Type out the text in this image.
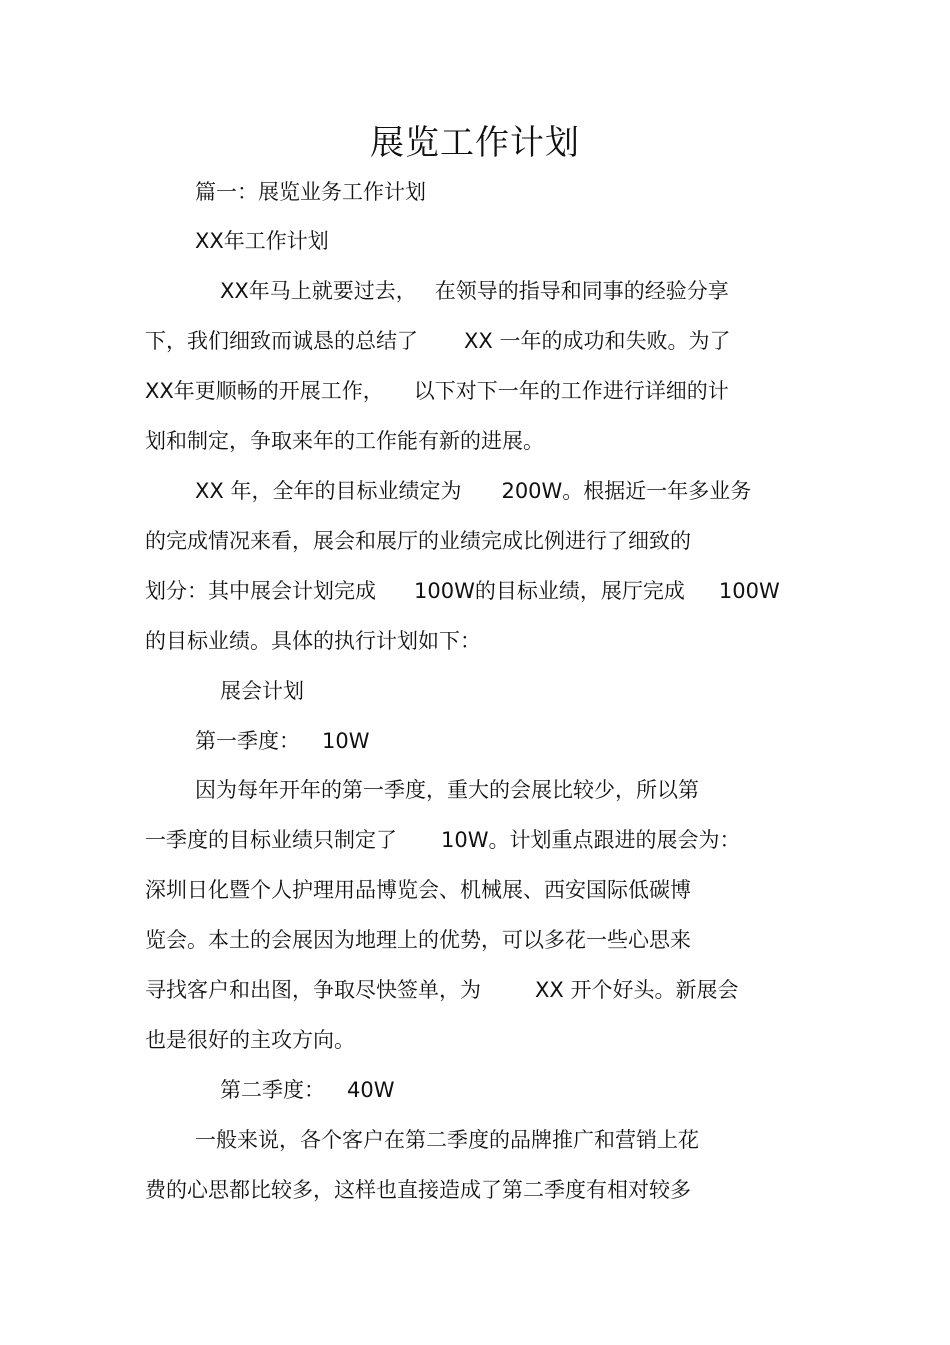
展览工作计划
篇一：展览业务工作计划
XX年工作计划
XX年马上就要过去， 在领导的指导和同事的经验分享
下，我们细致而诚恳的总结了 XX 一年的成功和失败。为了
XX年更顺畅的开展工作， 以下对下一年的工作进行详细的计
划和制定，争取来年的工作能有新的进展。
XX 年，全年的目标业绩定为 200W。根据近一年多业务
的完成情况来看，展会和展厅的业绩完成比例进行了细致的
划分：其中展会计划完成 100W的目标业绩，展厅完成 100W
的目标业绩。具体的执行计划如下：
展会计划
第一季度： 10W
因为每年开年的第一季度，重大的会展比较少，所以第
一季度的目标业绩只制定了 10W。计划重点跟进的展会为：
深圳日化暨个人护理用品博览会、机械展、西安国际低碳博
览会。本土的会展因为地理上的优势，可以多花一些心思来
寻找客户和出图，争取尽快签单，为	XX 开个好头。新展会
也是很好的主攻方向。
第二季度： 40W
一般来说，各个客户在第二季度的品牌推广和营销上花
费的心思都比较多，这样也直接造成了第二季度有相对较多
